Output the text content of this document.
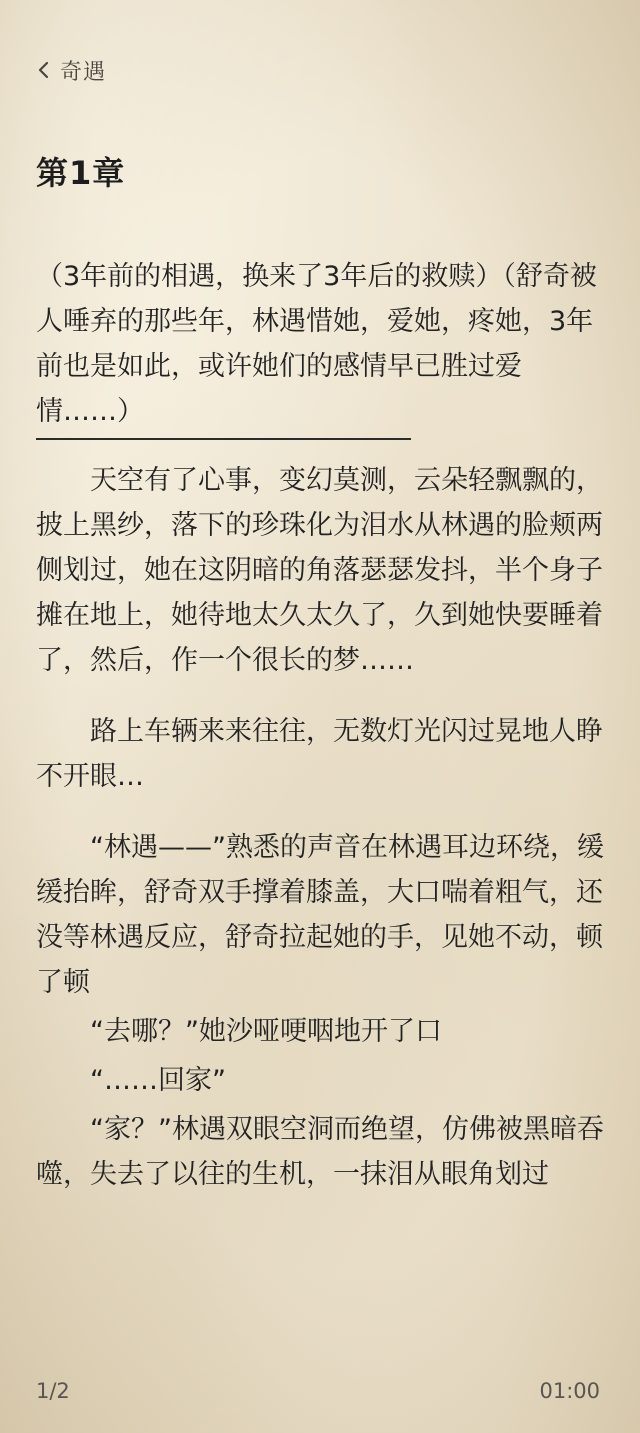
奇遇
第1章

（3年前的相遇，换来了3年后的救赎）（舒奇被人唾弃的那些年，林遇惜她，爱她，疼她，3年前也是如此，或许她们的感情早已胜过爱情……）

天空有了心事，变幻莫测，云朵轻飘飘的，披上黑纱，落下的珍珠化为泪水从林遇的脸颊两侧划过，她在这阴暗的角落瑟瑟发抖，半个身子摊在地上，她待地太久太久了，久到她快要睡着了，然后，作一个很长的梦……

路上车辆来来往往，无数灯光闪过晃地人睁不开眼…

“林遇——”熟悉的声音在林遇耳边环绕，缓缓抬眸，舒奇双手撑着膝盖，大口喘着粗气，还没等林遇反应，舒奇拉起她的手，见她不动，顿了顿

“去哪？”她沙哑哽咽地开了口

“……回家”

“家？”林遇双眼空洞而绝望，仿佛被黑暗吞噬，失去了以往的生机，一抹泪从眼角划过

1/2	01:00
